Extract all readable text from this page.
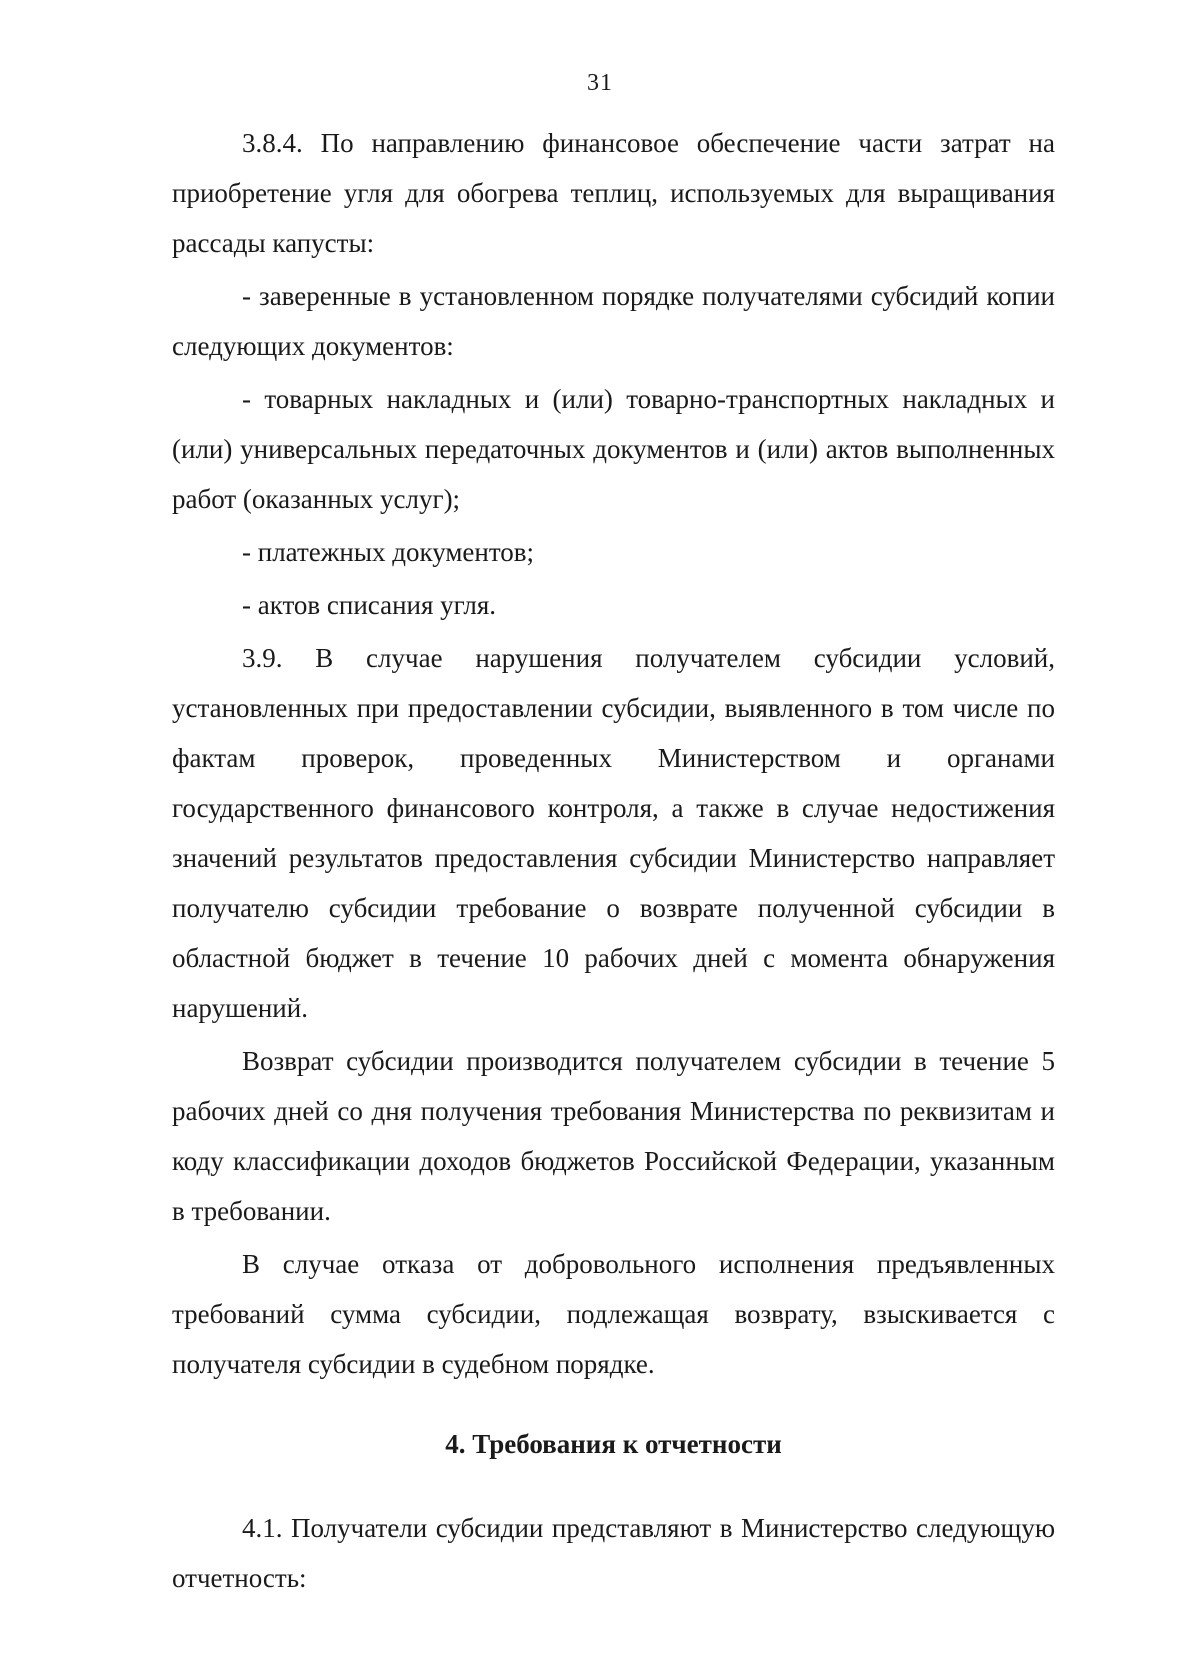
31

3.8.4. По направлению финансовое обеспечение части затрат на приобретение угля для обогрева теплиц, используемых для выращивания рассады капусты:

- заверенные в установленном порядке получателями субсидий копии следующих документов:

- товарных накладных и (или) товарно-транспортных накладных и (или) универсальных передаточных документов и (или) актов выполненных работ (оказанных услуг);

- платежных документов;

- актов списания угля.

3.9. В случае нарушения получателем субсидии условий, установленных при предоставлении субсидии, выявленного в том числе по фактам проверок, проведенных Министерством и органами государственного финансового контроля, а также в случае недостижения значений результатов предоставления субсидии Министерство направляет получателю субсидии требование о возврате полученной субсидии в областной бюджет в течение 10 рабочих дней с момента обнаружения нарушений.

Возврат субсидии производится получателем субсидии в течение 5 рабочих дней со дня получения требования Министерства по реквизитам и коду классификации доходов бюджетов Российской Федерации, указанным в требовании.

В случае отказа от добровольного исполнения предъявленных требований сумма субсидии, подлежащая возврату, взыскивается с получателя субсидии в судебном порядке.

4. Требования к отчетности

4.1. Получатели субсидии представляют в Министерство следующую отчетность:
